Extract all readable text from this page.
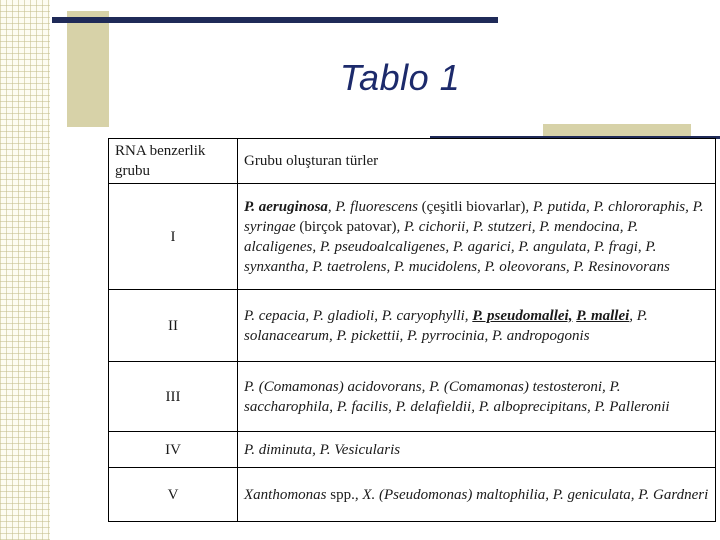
Tablo 1
RNA benzerlik grubu	Grubu oluşturan türler
I	P. aeruginosa, P. fluorescens (çeşitli biovarlar), P. putida, P. chlororaphis, P. syringae (birçok patovar), P. cichorii, P. stutzeri, P. mendocina, P. alcaligenes, P. pseudoalcaligenes, P. agarici, P. angulata, P. fragi, P. synxantha, P. taetrolens, P. mucidolens, P. oleovorans, P. Resinovorans
II	P. cepacia, P. gladioli, P. caryophylli, P. pseudomallei, P. mallei, P. solanacearum, P. pickettii, P. pyrrocinia, P. andropogonis
III	P. (Comamonas) acidovorans, P. (Comamonas) testosteroni, P. saccharophila, P. facilis, P. delafieldii, P. alboprecipitans, P. Palleronii
IV	P. diminuta, P. Vesicularis
V	Xanthomonas spp., X. (Pseudomonas) maltophilia, P. geniculata, P. Gardneri
